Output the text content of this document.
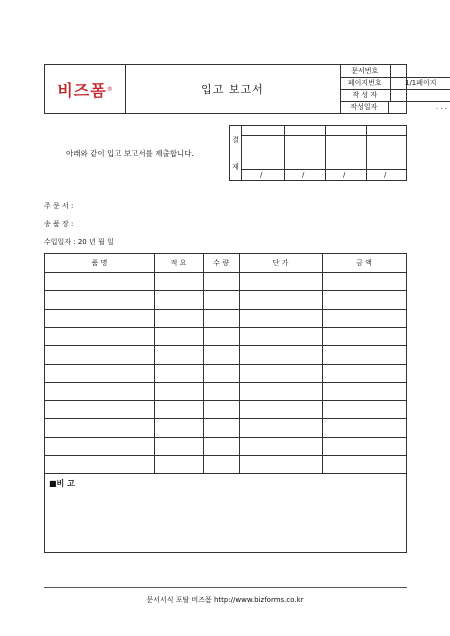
비즈폼 ®	입고 보고서
문서번호
페이지번호	1/1페이지
작 성 자
작성일자	. . .
아래와 같이 입고 보고서를 제출합니다.
결
재
/	/	/	/
주 문 서 :
송 품 장 :
수입일자 : 20 년 월 일
품 명	적 요	수 량	단 가	금 액
■비 고
문서서식 포탈 비즈폼 http://www.bizforms.co.kr
